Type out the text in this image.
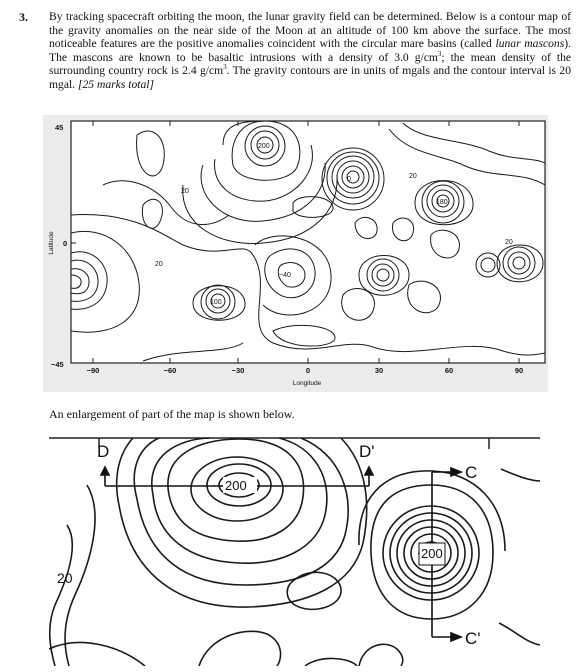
3. By tracking spacecraft orbiting the moon, the lunar gravity field can be determined. Below is a contour map of the gravity anomalies on the near side of the Moon at an altitude of 100 km above the surface. The most noticeable features are the positive anomalies coincident with the circular mare basins (called lunar mascons). The mascons are known to be basaltic intrusions with a density of 3.0 $g/cm^3$; the mean density of the surrounding country rock is 2.4 $g/cm^3$. The gravity contours are in units of mgals and the contour interval is 20 mgal. [25 marks total]
200
20
20
20
20
100
−40
0
180
45
0
−45
−90	−60	−30	0	30	60	90
Longitude
Latitude
An enlargement of part of the map is shown below.
D	D'
C
C'
200
200
20
